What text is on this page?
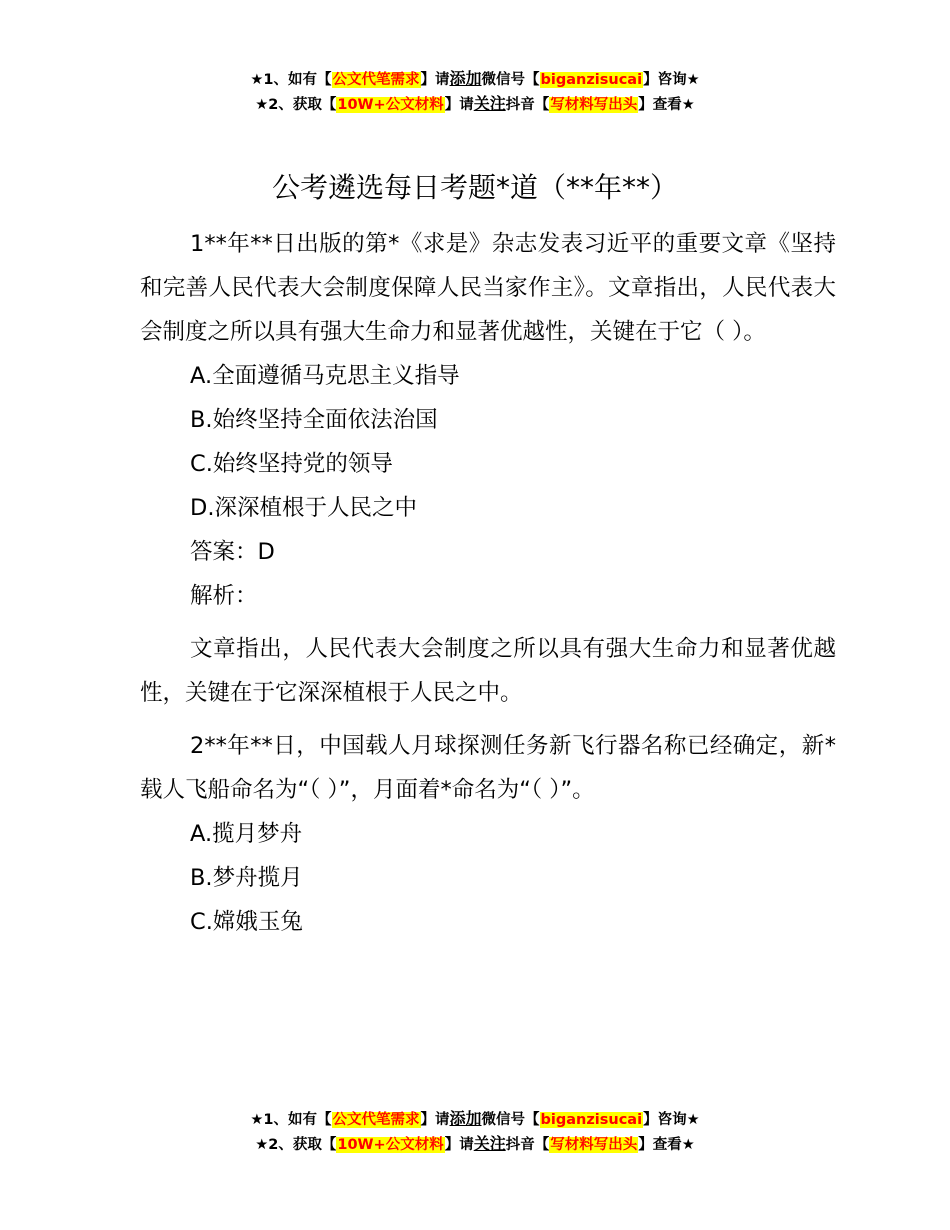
★1、如有【公文代笔需求】请添加微信号【biganzisucai】咨询★
★2、获取【10W+公文材料】请关注抖音【写材料写出头】查看★
公考遴选每日考题*道（**年**）

1**年**日出版的第*《求是》杂志发表习近平的重要文章《坚持和完善人民代表大会制度保障人民当家作主》。文章指出，人民代表大会制度之所以具有强大生命力和显著优越性，关键在于它（ ）。

A.全面遵循马克思主义指导

B.始终坚持全面依法治国

C.始终坚持党的领导

D.深深植根于人民之中

答案：D

解析：

文章指出，人民代表大会制度之所以具有强大生命力和显著优越性，关键在于它深深植根于人民之中。

2**年**日，中国载人月球探测任务新飞行器名称已经确定，新*载人飞船命名为“（ ）”，月面着*命名为“（ ）”。

A.揽月梦舟

B.梦舟揽月

C.嫦娥玉兔

★1、如有【公文代笔需求】请添加微信号【biganzisucai】咨询★
★2、获取【10W+公文材料】请关注抖音【写材料写出头】查看★
